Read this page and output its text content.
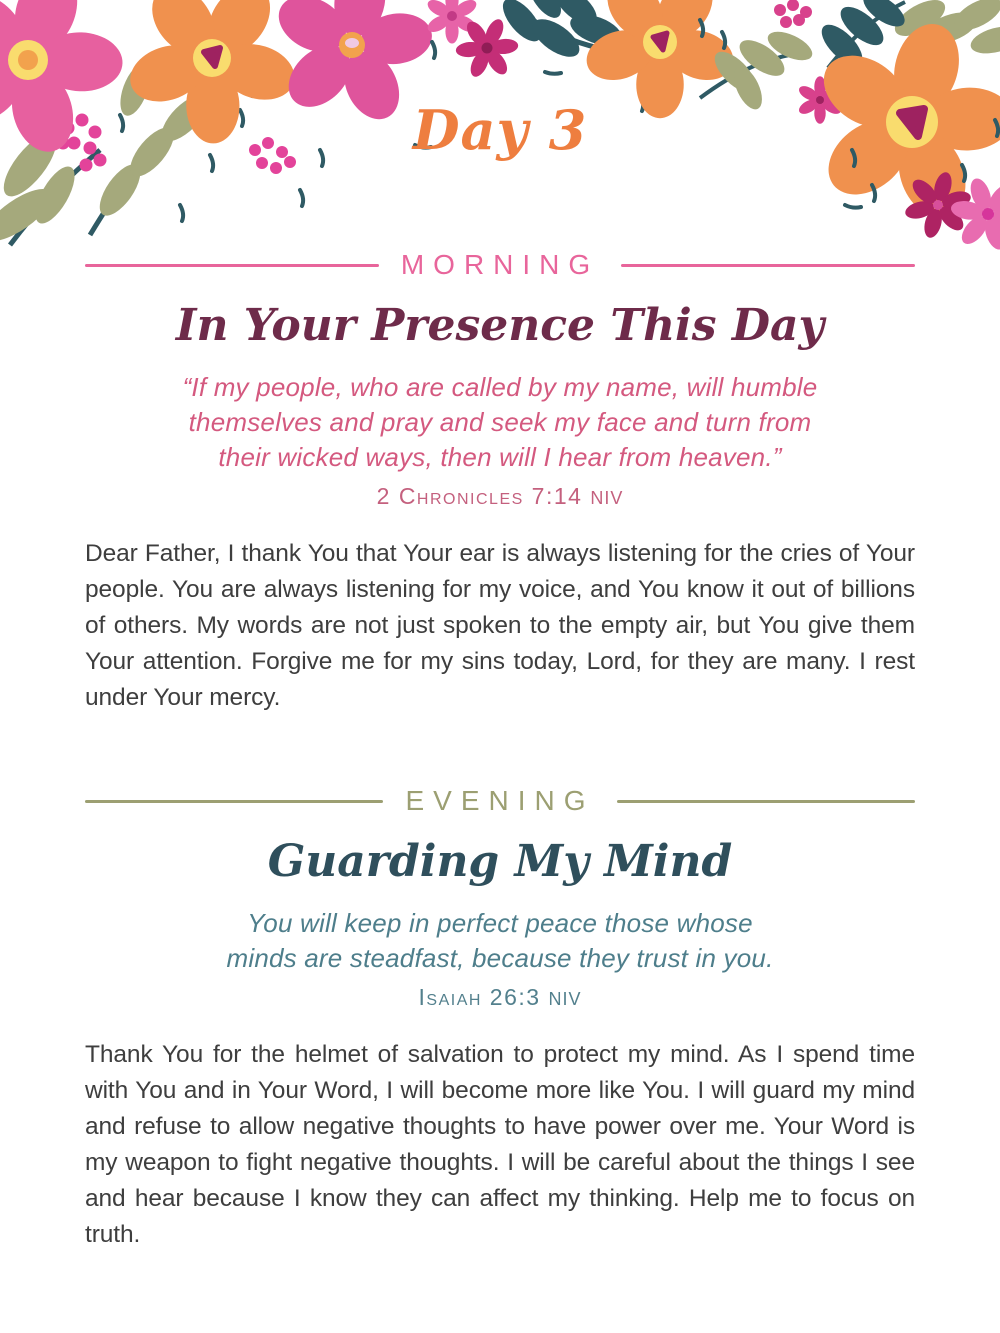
Day 3
MORNING
In Your Presence This Day
“If my people, who are called by my name, will humble
themselves and pray and seek my face and turn from
their wicked ways, then will I hear from heaven.”
2 Chronicles 7:14 NIV
Dear Father, I thank You that Your ear is always listening for the cries of Your people. You are always listening for my voice, and You know it out of billions of others. My words are not just spoken to the empty air, but You give them Your attention. Forgive me for my sins today, Lord, for they are many. I rest under Your mercy.
EVENING
Guarding My Mind
You will keep in perfect peace those whose
minds are steadfast, because they trust in you.
Isaiah 26:3 NIV
Thank You for the helmet of salvation to protect my mind. As I spend time with You and in Your Word, I will become more like You. I will guard my mind and refuse to allow negative thoughts to have power over me. Your Word is my weapon to fight negative thoughts. I will be careful about the things I see and hear because I know they can affect my thinking. Help me to focus on truth.
